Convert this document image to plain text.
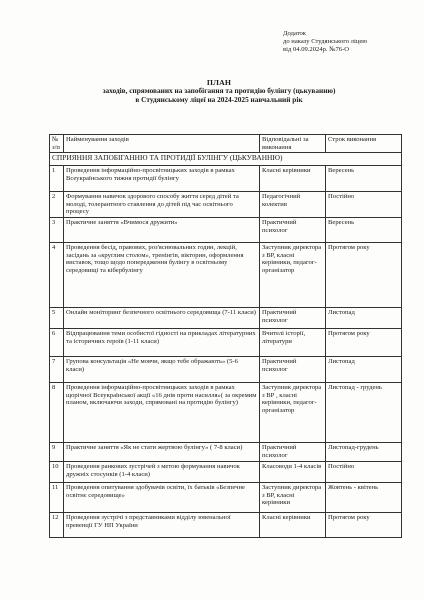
Додаток
до наказу Студянського ліцею
від 04.09.2024р. №76-О
ПЛАН
заходів, спрямованих на запобігання та протидію булінгу (цькуванню)
в Студянському ліцеї на 2024-2025 навчальний рік
№ з/п	Найменування заходів	Відповідальні за виконання	Строк виконання
СПРИЯННЯ ЗАПОБІГАННЮ ТА ПРОТИДІЇ БУЛІНГУ (ЦЬКУВАННЮ)			
1	Проведення інформаційно-просвітницьких заходів в рамках Всеукраїнського тижня протидії булінгу	Класні керівники	Вересень
2	Формування навичок здорового способу життя серед дітей та молоді, толерантного ставлення до дітей під час освітнього процесу	Педагогічний колектив	Постійно
3	Практичне заняття «Вчимося дружити»	Практичний психолог	Вересень
4	Проведення бесід, правових, роз'яснювальних годин, лекцій, засідань за «круглим столом», тренінгів, вікторин, оформлення виставок, тощо щодо попередження булінгу в освітньому середовищі та кібербулінгу	Заступник директора з ВР, класні керівники, педагог-організатор	Протягом року
5	Онлайн моніторинг безпечного освітнього середовища (7-11 класи)	Практичний психолог	Листопад
6	Відпрацювання теми особистої гідності на прикладах літературних та історичних героїв (1-11 класи)	Вчителі історії, літератури	Протягом року
7	Групова консультація «Не мовчи, якщо тебе ображають» (5-6 класи)	Практичний психолог	Листопад
8	Проведення інформаційно-просвітницьких заходів в рамках щорічної Всеукраїнської акції «16 днів проти насилля»( за окремим планом, включаючи заходи, спрямовані на протидію булінгу)	Заступник директора з ВР , класні керівники, педагог-організатор	Листопад - грудень
9	Практичне заняття «Як не стати жертвою булінгу» ( 7-8 класи)	Практичний психолог	Листопад-грудень
10	Проведення ранкових зустрічей з метою формування навичок дружніх стосунків (1-4 класи)	Класоводи 1-4 класів	Постійно
11	Проведення опитування здобувачів освіти, їх батьків «Безпечне освітнє середовище»	Заступник директора з ВР, класні керівники	Жовтень - квітень
12	Проведення зустрічі з представниками відділу ювенальної превенції ГУ НП України	Класні керівники	Протягом року
